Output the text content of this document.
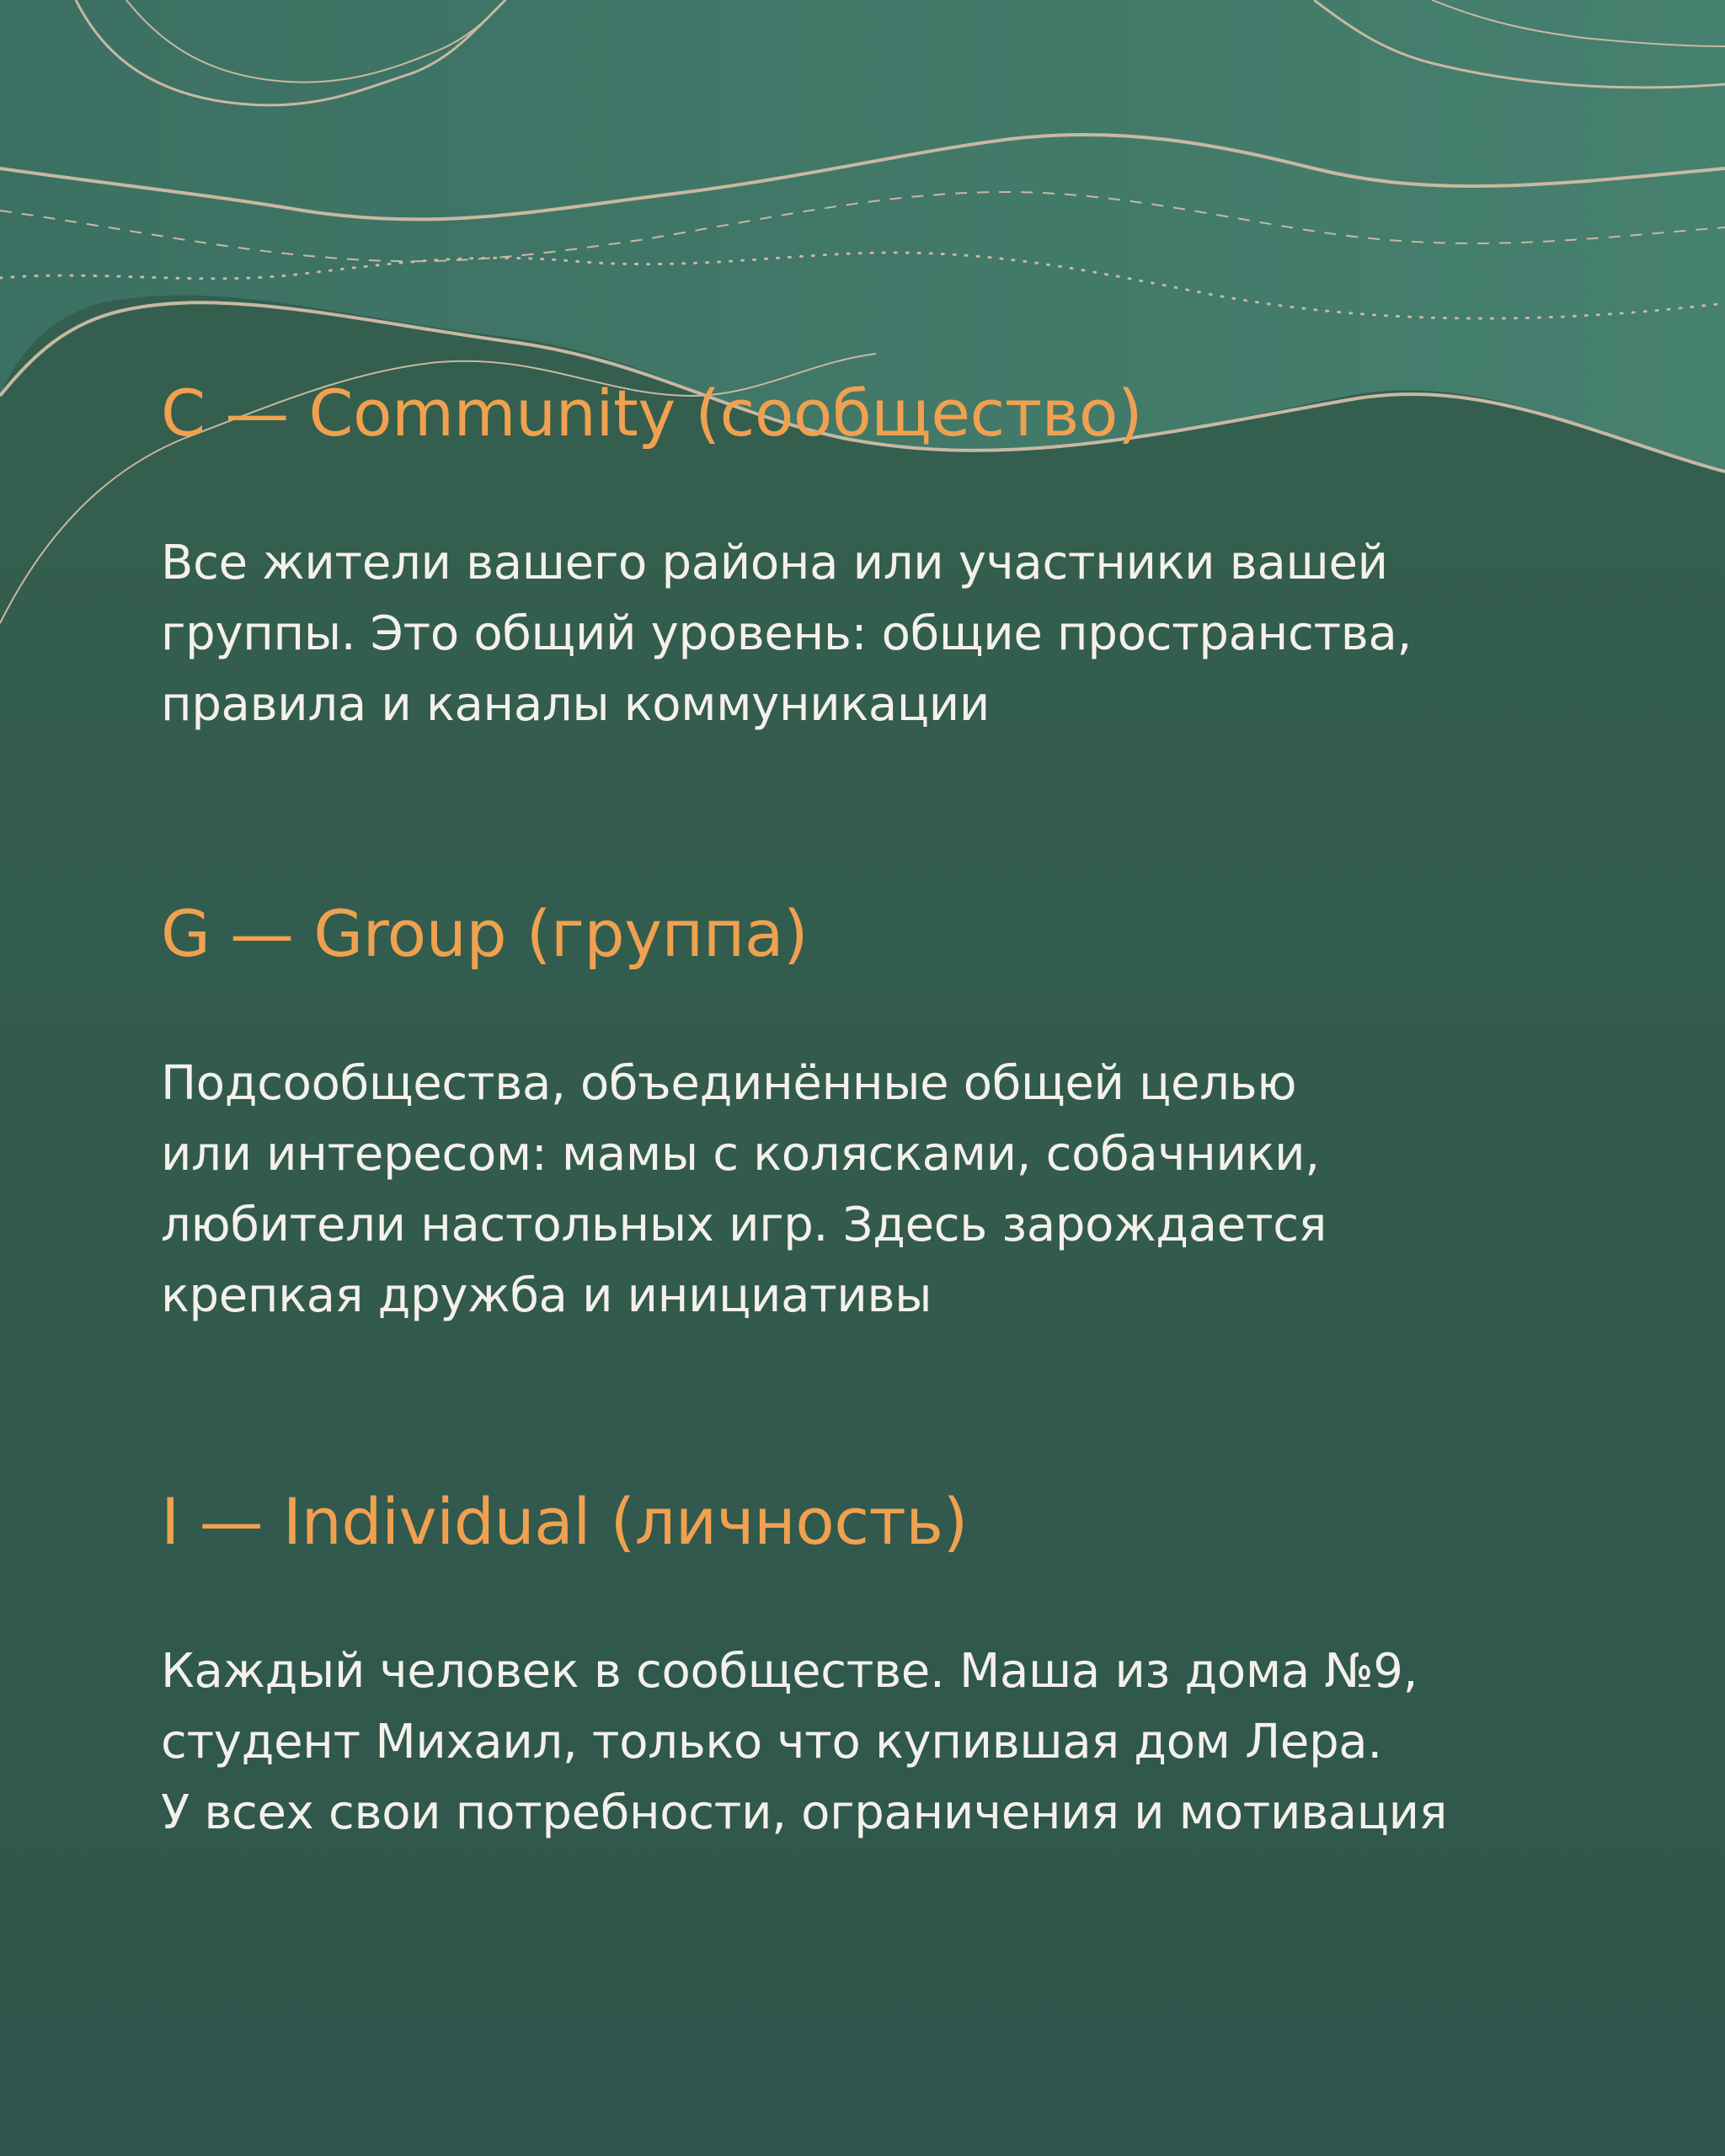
C — Community (сообщество)

Все жители вашего района или участники вашей
группы. Это общий уровень: общие пространства,
правила и каналы коммуникации

G — Group (группа)

Подсообщества, объединённые общей целью
или интересом: мамы с колясками, собачники,
любители настольных игр. Здесь зарождается
крепкая дружба и инициативы

I — Individual (личность)

Каждый человек в сообществе. Маша из дома №9,
студент Михаил, только что купившая дом Лера.
У всех свои потребности, ограничения и мотивация
